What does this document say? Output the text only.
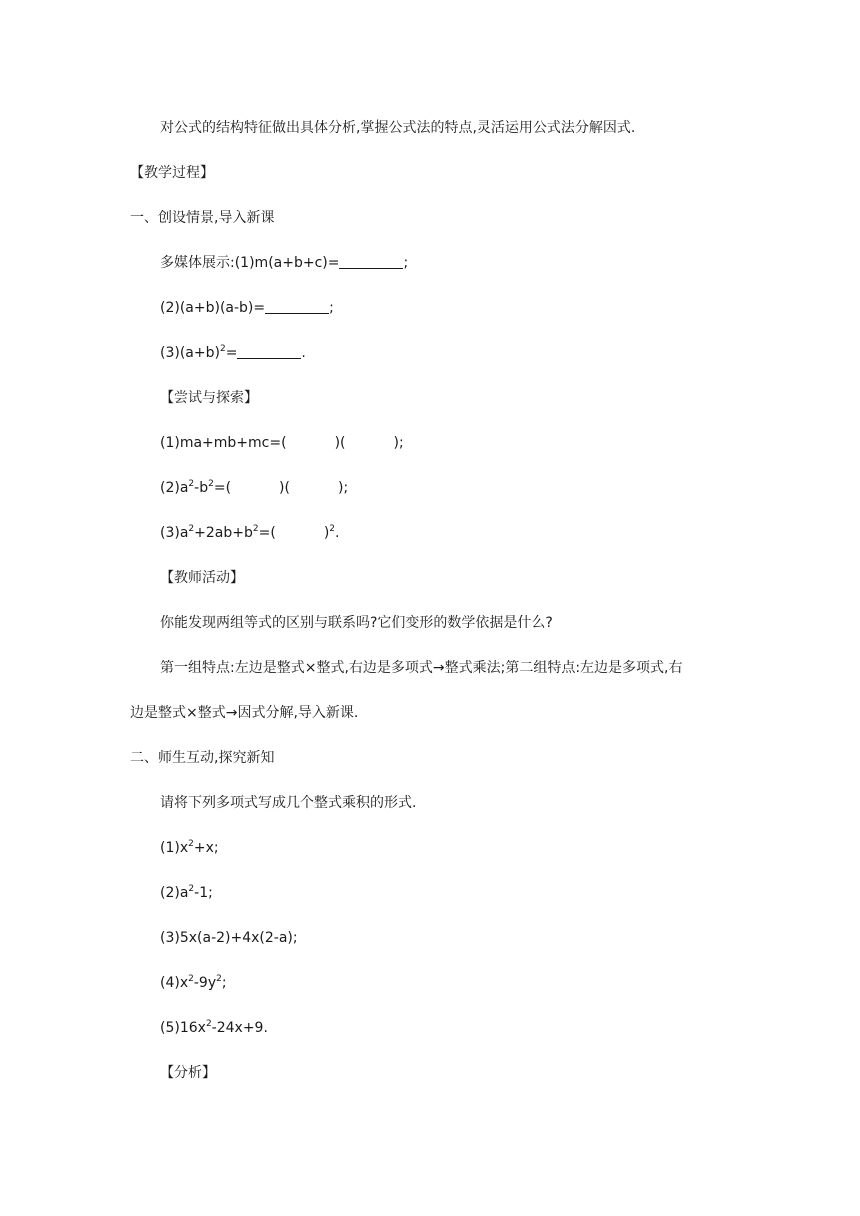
对公式的结构特征做出具体分析,掌握公式法的特点,灵活运用公式法分解因式.
【教学过程】
一、创设情景,导入新课
多媒体展示:(1)m(a+b+c)=	;
(2)(a+b)(a-b)=	;
$(3)(a+b)^2=$	.
【尝试与探索】
(1)ma+mb+mc=(	)(	);
$(2)a^2-b^2=$(	)(	);
$(3)a^2+2ab+b^2=$(	)$^2$.
【教师活动】
你能发现两组等式的区别与联系吗?它们变形的数学依据是什么?
第一组特点:左边是整式×整式,右边是多项式→整式乘法;第二组特点:左边是多项式,右
边是整式×整式→因式分解,导入新课.
二、师生互动,探究新知
请将下列多项式写成几个整式乘积的形式.
$(1)x^2+x$;
$(2)a^2-1$;
(3)5x(a-2)+4x(2-a);
$(4)x^2-9y^2$;
$(5)16x^2-24x+9$.
【分析】
